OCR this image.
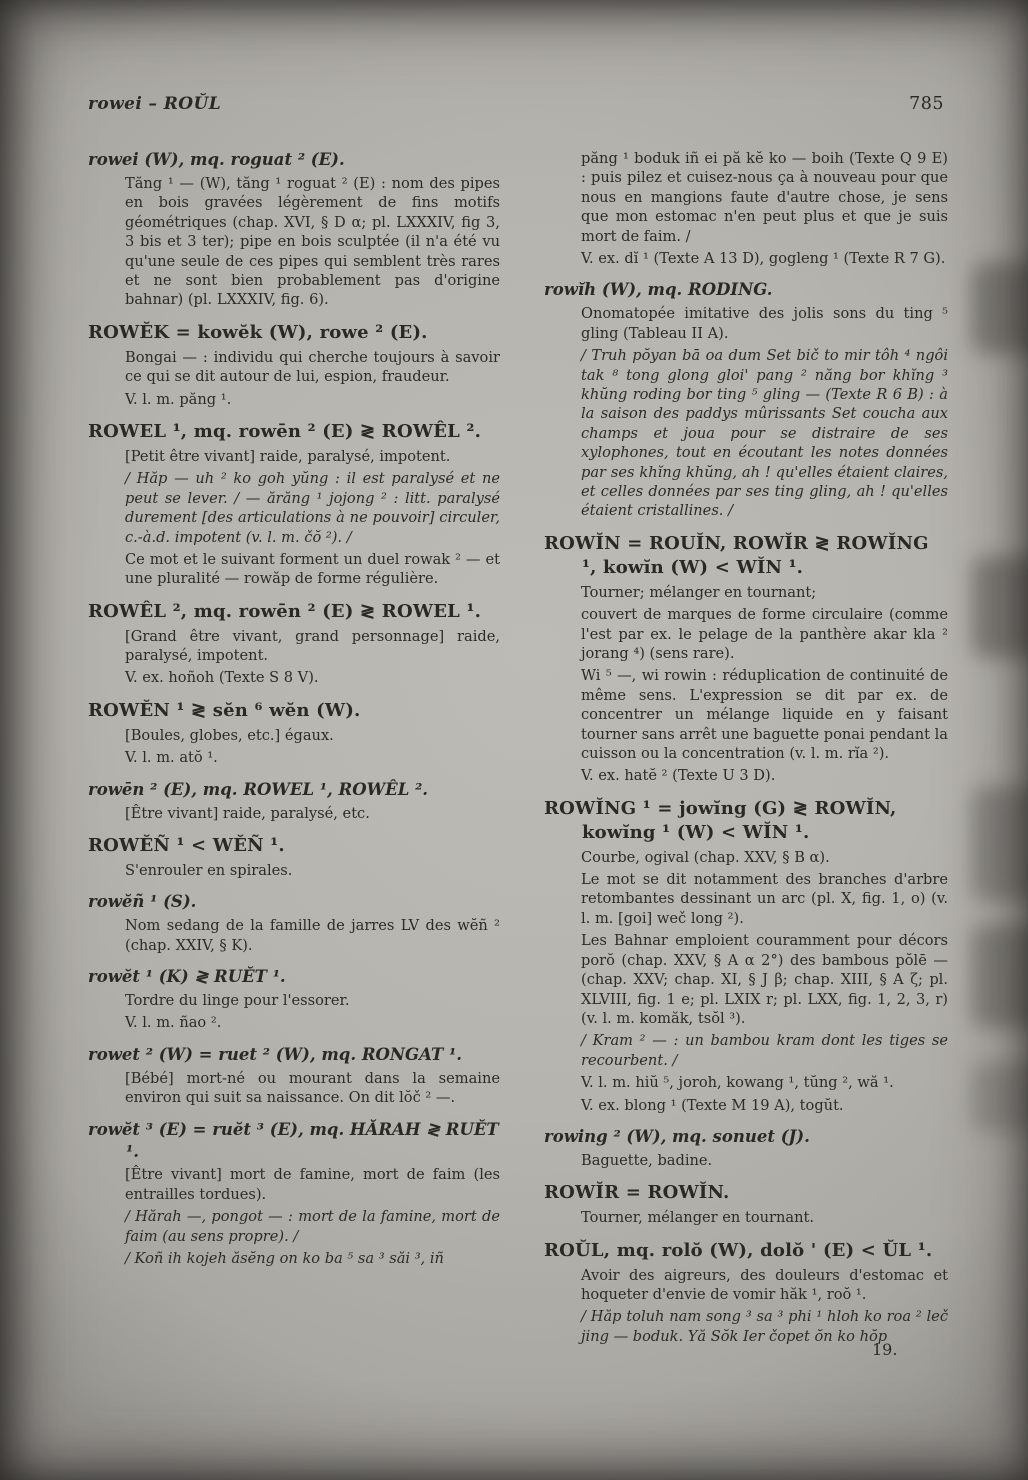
rowei – ROŬL	785
rowei (W), mq. roguat ² (E).

Tăng ¹ — (W), tăng ¹ roguat ² (E) : nom des pipes en bois gravées légèrement de fins motifs géométriques (chap. XVI, § D α; pl. LXXXIV, fig 3, 3 bis et 3 ter); pipe en bois sculptée (il n'a été vu qu'une seule de ces pipes qui semblent très rares et ne sont bien probablement pas d'origine bahnar) (pl. LXXXIV, fig. 6).

ROWĔK = kowĕk (W), rowe ² (E).

Bongai — : individu qui cherche toujours à savoir ce qui se dit autour de lui, espion, fraudeur.

V. l. m. păng ¹.

ROWEL ¹, mq. rowēn ² (E) ≷ ROWÊL ².

[Petit être vivant] raide, paralysé, impotent.

/ Hăp — uh ² ko goh yŭng : il est paralysé et ne peut se lever. / — ărăng ¹ jojong ² : litt. paralysé durement [des articulations à ne pouvoir] circuler, c.-à.d. impotent (v. l. m. čŏ ²). /

Ce mot et le suivant forment un duel rowak ² — et une pluralité — rowăp de forme régulière.

ROWÊL ², mq. rowēn ² (E) ≷ ROWEL ¹.

[Grand être vivant, grand personnage] raide, paralysé, impotent.

V. ex. hoñoh (Texte S 8 V).

ROWĔN ¹ ≷ sĕn ⁶ wĕn (W).

[Boules, globes, etc.] égaux.

V. l. m. atŏ ¹.

rowēn ² (E), mq. ROWEL ¹, ROWÊL ².

[Être vivant] raide, paralysé, etc.

ROWĔÑ ¹ < WĔÑ ¹.

S'enrouler en spirales.

rowĕñ ¹ (S).

Nom sedang de la famille de jarres LV des wĕñ ² (chap. XXIV, § K).

rowĕt ¹ (K) ≷ RUĔT ¹.

Tordre du linge pour l'essorer.

V. l. m. ñao ².

rowet ² (W) = ruet ² (W), mq. RONGAT ¹.

[Bébé] mort-né ou mourant dans la semaine environ qui suit sa naissance. On dit lŏč ² —.

rowĕt ³ (E) = ruĕt ³ (E), mq. HĂRAH ≷ RUĔT ¹.

[Être vivant] mort de famine, mort de faim (les entrailles tordues).

/ Hărah —, pongot — : mort de la famine, mort de faim (au sens propre). /

/ Koñ ih kojeh ăsĕng on ko ba ⁵ sa ³ săi ³, iñ

păng ¹ boduk iñ ei pă kĕ ko — boih (Texte Q 9 E) : puis pilez et cuisez-nous ça à nouveau pour que nous en mangions faute d'autre chose, je sens que mon estomac n'en peut plus et que je suis mort de faim. /

V. ex. dĭ ¹ (Texte A 13 D), gogleng ¹ (Texte R 7 G).

rowĭh (W), mq. RODING.

Onomatopée imitative des jolis sons du ting ⁵ gling (Tableau II A).

/ Truh pŏyan bā oa dum Set bič to mir tôh ⁴ ngôi tak ⁸ tong glong gloi' pang ² năng bor khĭng ³ khŭng roding bor ting ⁵ gling — (Texte R 6 B) : à la saison des paddys mûrissants Set coucha aux champs et joua pour se distraire de ses xylophones, tout en écoutant les notes données par ses khĭng khŭng, ah ! qu'elles étaient claires, et celles données par ses ting gling, ah ! qu'elles étaient cristallines. /

ROWĬN = ROUĬN, ROWĬR ≷ ROWĬNG ¹, kowĭn (W) < WĬN ¹.

Tourner; mélanger en tournant;

couvert de marques de forme circulaire (comme l'est par ex. le pelage de la panthère akar kla ² jorang ⁴) (sens rare).

Wi ⁵ —, wi rowin : réduplication de continuité de même sens. L'expression se dit par ex. de concentrer un mélange liquide en y faisant tourner sans arrêt une baguette ponai pendant la cuisson ou la concentration (v. l. m. rĭa ²).

V. ex. hatĕ ² (Texte U 3 D).

ROWĬNG ¹ = jowĭng (G) ≷ ROWĬN, kowĭng ¹ (W) < WĬN ¹.

Courbe, ogival (chap. XXV, § B α).

Le mot se dit notamment des branches d'arbre retombantes dessinant un arc (pl. X, fig. 1, o) (v. l. m. [goi] weč long ²).

Les Bahnar emploient couramment pour décors porŏ (chap. XXV, § A α 2°) des bambous pŏlē — (chap. XXV; chap. XI, § J β; chap. XIII, § A ζ; pl. XLVIII, fig. 1 e; pl. LXIX r; pl. LXX, fig. 1, 2, 3, r) (v. l. m. komăk, tsŏl ³).

/ Kram ² — : un bambou kram dont les tiges se recourbent. /

V. l. m. hiŭ ⁵, joroh, kowang ¹, tŭng ², wă ¹.

V. ex. blong ¹ (Texte M 19 A), togŭt.

rowing ² (W), mq. sonuet (J).

Baguette, badine.

ROWĬR = ROWĬN.

Tourner, mélanger en tournant.

ROŬL, mq. rolŏ (W), dolŏ ' (E) < ŬL ¹.

Avoir des aigreurs, des douleurs d'estomac et hoqueter d'envie de vomir hăk ¹, roŏ ¹.

/ Hăp toluh nam song ³ sa ³ phi ¹ hloh ko roa ² leč jing — boduk. Yă Sŏk Ier čopet ŏn ko hŏp

19.
